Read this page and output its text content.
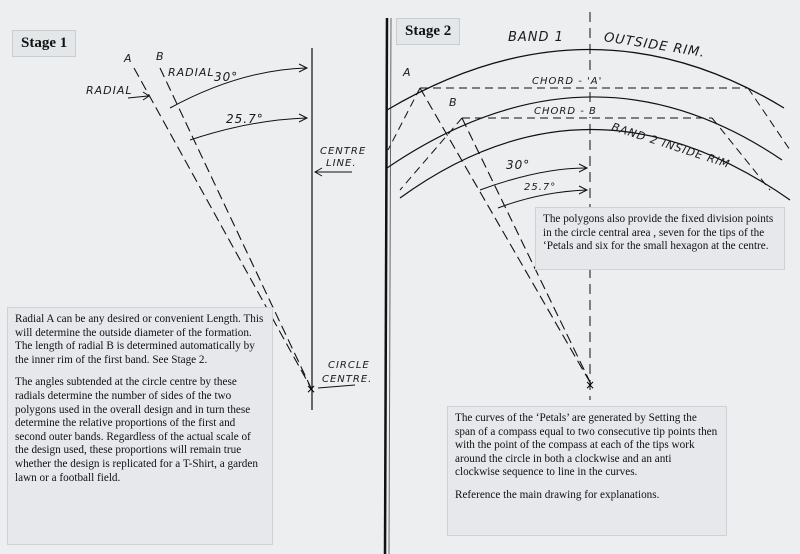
×	×
Stage 1
A B
RADIAL
RADIAL 30°
25.7°
CENTRE
LINE.
CIRCLE
CENTRE.

Radial A can be any desired or convenient Length. This will determine the outside diameter of the formation. The length of radial B is determined automatically by the inner rim of the first band. See Stage 2.

The angles subtended at the circle centre by these radials determine the number of sides of the two polygons used in the overall design and in turn these determine the relative proportions of the first and second outer bands. Regardless of the actual scale of the design used, these proportions will remain true whether the design is replicated for a T-Shirt, a garden lawn or a football field.

Stage 2	BAND 1	OUTSIDE RIM.
CHORD - 'A'
CHORD - B
BAND 2 INSIDE RIM
A
B
30°
25.7°
The polygons also provide the fixed division points in the circle central area , seven for the tips of the ‘Petals and six for the small hexagon at the centre.

The curves of the ‘Petals’ are generated by Setting the span of a compass equal to two consecutive tip points then with the point of the compass at each of the tips work around the circle in both a clockwise and an anti clockwise sequence to line in the curves.

Reference the main drawing for explanations.
